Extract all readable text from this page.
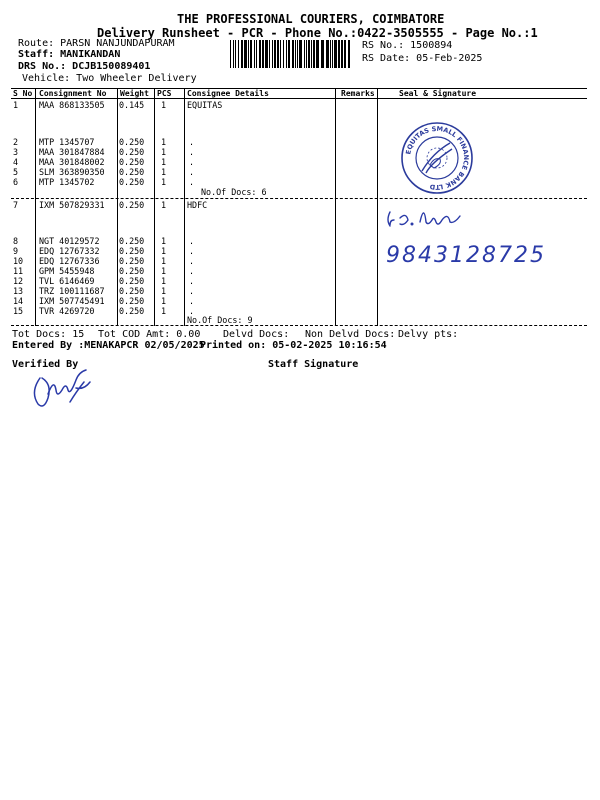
THE PROFESSIONAL COURIERS, COIMBATORE
Delivery Runsheet - PCR - Phone No.:0422-3505555 - Page No.:1
Route: PARSN NANJUNDAPURAM
Staff: MANIKANDAN
DRS No.: DCJB150089401
Vehicle: Two Wheeler Delivery
RS No.: 1500894
RS Date: 05-Feb-2025
S No Consignment No Weight PCS Consignee Details	Remarks	Seal & Signature
1 MAA 868133505 0.145 1 EQUITAS
2 MTP 1345707	0.250 1	.
3 MAA 301847884 0.250 1	.
4 MAA 301848002 0.250 1	.
5 SLM 363890350 0.250 1	.
6 MTP 1345702	0.250 1	.
No.Of Docs: 6
7 IXM 507829331 0.250 1 HDFC
8 NGT 40129572 0.250 1	.
9 EDQ 12767332 0.250 1	.
10 EDQ 12767336 0.250 1	.
11 GPM 5455948	0.250 1	.
12 TVL 6146469	0.250 1	.
13 TRZ 100111687 0.250 1	.
14 IXM 507745491 0.250 1	.
15 TVR 4269720	0.250 1	.
No.Of Docs: 9
EQUITAS SMALL FINANCE BANK LTD
9843128725
Tot Docs: 15 Tot COD Amt: 0.00 Delvd Docs: Non Delvd Docs: Delvy pts:
Entered By :MENAKAPCR 02/05/2025
Printed on: 05-02-2025 10:16:54
Verified By	Staff Signature
